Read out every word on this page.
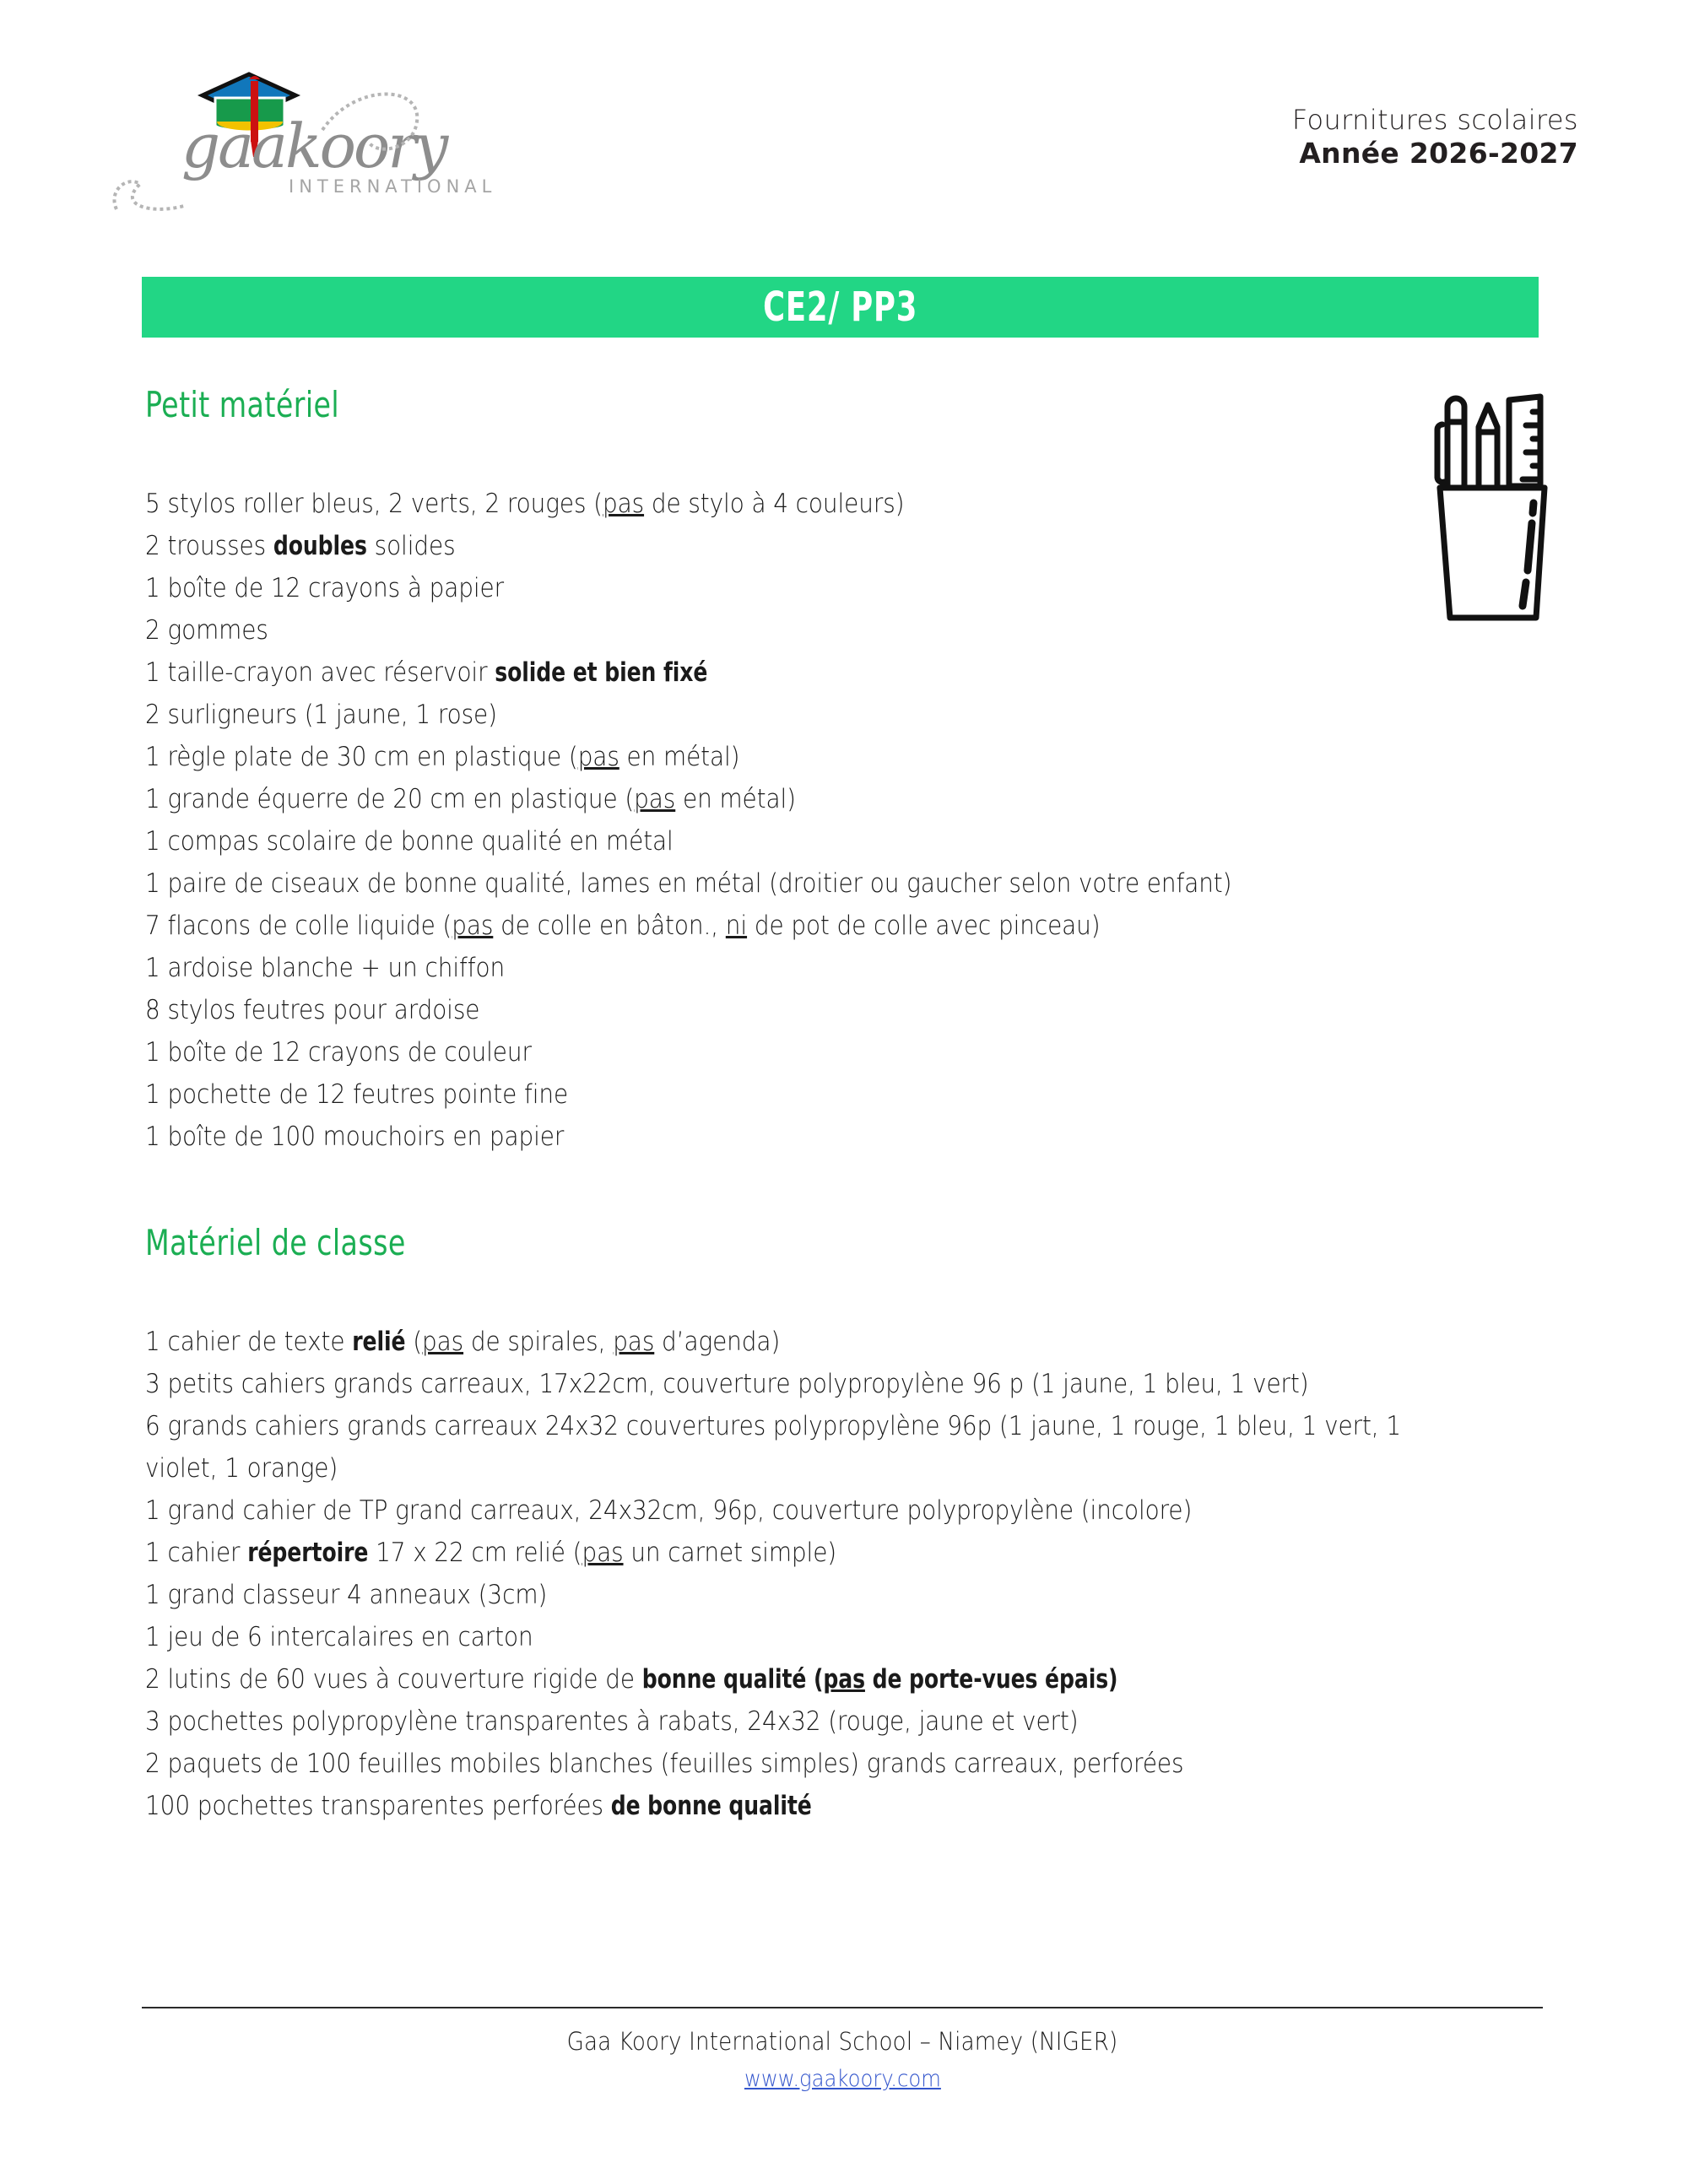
gaakoory
INTERNATIONAL
Fournitures scolaires
Année 2026-2027
CE2/ PP3
Petit matériel
5 stylos roller bleus, 2 verts, 2 rouges (pas de stylo à 4 couleurs)
2 trousses doubles solides
1 boîte de 12 crayons à papier
2 gommes
1 taille-crayon avec réservoir solide et bien fixé
2 surligneurs (1 jaune, 1 rose)
1 règle plate de 30 cm en plastique (pas en métal)
1 grande équerre de 20 cm en plastique (pas en métal)
1 compas scolaire de bonne qualité en métal
1 paire de ciseaux de bonne qualité, lames en métal (droitier ou gaucher selon votre enfant)
7 flacons de colle liquide (pas de colle en bâton., ni de pot de colle avec pinceau)
1 ardoise blanche + un chiffon
8 stylos feutres pour ardoise
1 boîte de 12 crayons de couleur
1 pochette de 12 feutres pointe fine
1 boîte de 100 mouchoirs en papier
Matériel de classe
1 cahier de texte relié (pas de spirales, pas d’agenda)
3 petits cahiers grands carreaux, 17x22cm, couverture polypropylène 96 p (1 jaune, 1 bleu, 1 vert)
6 grands cahiers grands carreaux 24x32 couvertures polypropylène 96p (1 jaune, 1 rouge, 1 bleu, 1 vert, 1 violet, 1 orange)
1 grand cahier de TP grand carreaux, 24x32cm, 96p, couverture polypropylène (incolore)
1 cahier répertoire 17 x 22 cm relié (pas un carnet simple)
1 grand classeur 4 anneaux (3cm)
1 jeu de 6 intercalaires en carton
2 lutins de 60 vues à couverture rigide de bonne qualité (pas de porte-vues épais)
3 pochettes polypropylène transparentes à rabats, 24x32 (rouge, jaune et vert)
2 paquets de 100 feuilles mobiles blanches (feuilles simples) grands carreaux, perforées
100 pochettes transparentes perforées de bonne qualité
Gaa Koory International School – Niamey (NIGER)
www.gaakoory.com
